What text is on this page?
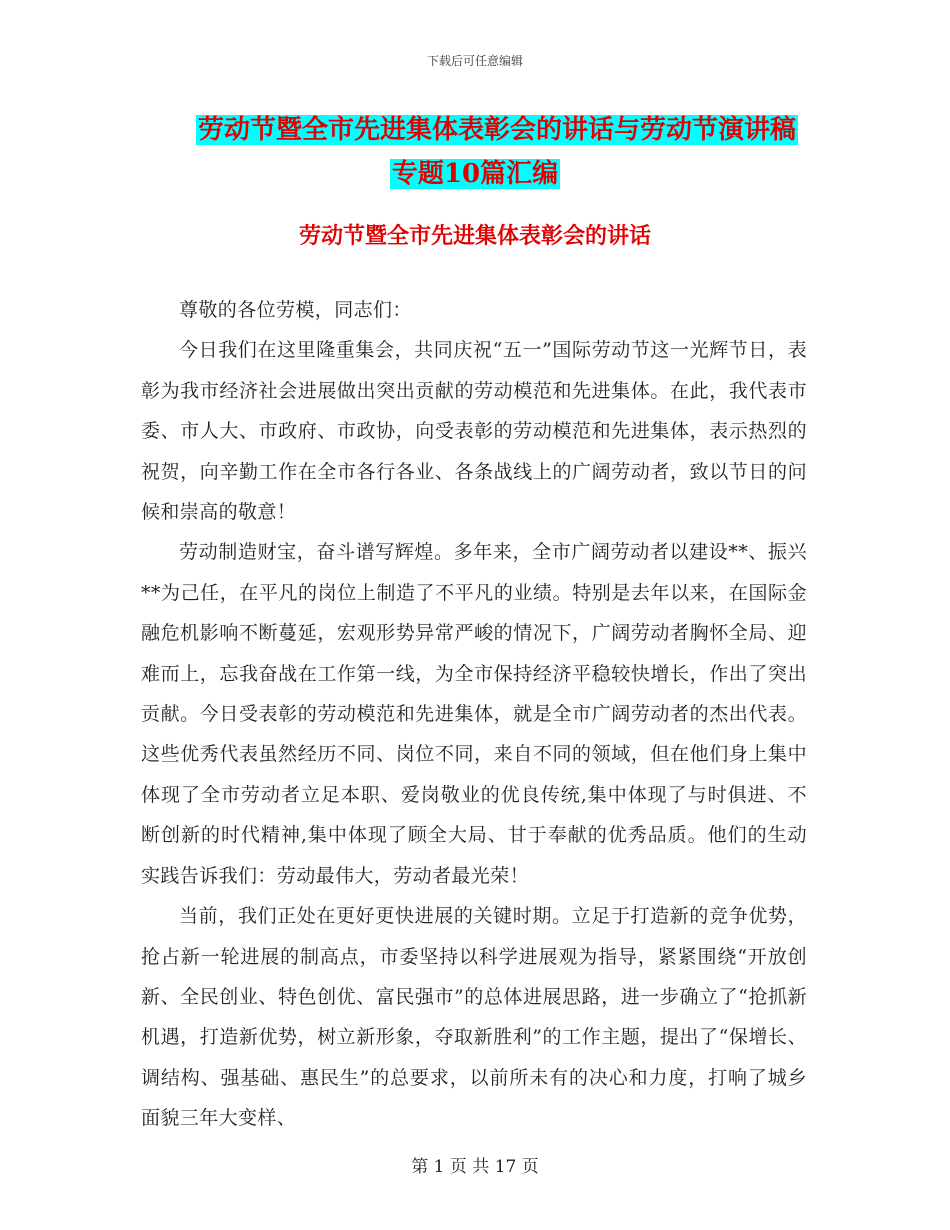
下载后可任意编辑
劳动节暨全市先进集体表彰会的讲话与劳动节演讲稿
专题10篇汇编
劳动节暨全市先进集体表彰会的讲话

尊敬的各位劳模，同志们：

今日我们在这里隆重集会，共同庆祝“五一”国际劳动节这一光辉节日，表彰为我市经济社会进展做出突出贡献的劳动模范和先进集体。在此，我代表市委、市人大、市政府、市政协，向受表彰的劳动模范和先进集体，表示热烈的祝贺，向辛勤工作在全市各行各业、各条战线上的广阔劳动者，致以节日的问候和崇高的敬意！

劳动制造财宝，奋斗谱写辉煌。多年来，全市广阔劳动者以建设**、振兴**为己任，在平凡的岗位上制造了不平凡的业绩。特别是去年以来，在国际金融危机影响不断蔓延，宏观形势异常严峻的情况下，广阔劳动者胸怀全局、迎难而上，忘我奋战在工作第一线，为全市保持经济平稳较快增长，作出了突出贡献。今日受表彰的劳动模范和先进集体，就是全市广阔劳动者的杰出代表。这些优秀代表虽然经历不同、岗位不同，来自不同的领域，但在他们身上集中体现了全市劳动者立足本职、爱岗敬业的优良传统,集中体现了与时俱进、不断创新的时代精神,集中体现了顾全大局、甘于奉献的优秀品质。他们的生动实践告诉我们：劳动最伟大，劳动者最光荣！

当前，我们正处在更好更快进展的关键时期。立足于打造新的竞争优势，抢占新一轮进展的制高点，市委坚持以科学进展观为指导，紧紧围绕“开放创新、全民创业、特色创优、富民强市”的总体进展思路，进一步确立了“抢抓新机遇，打造新优势，树立新形象，夺取新胜利”的工作主题，提出了“保增长、调结构、强基础、惠民生”的总要求，以前所未有的决心和力度，打响了城乡面貌三年大变样、

第 1 页 共 17 页
